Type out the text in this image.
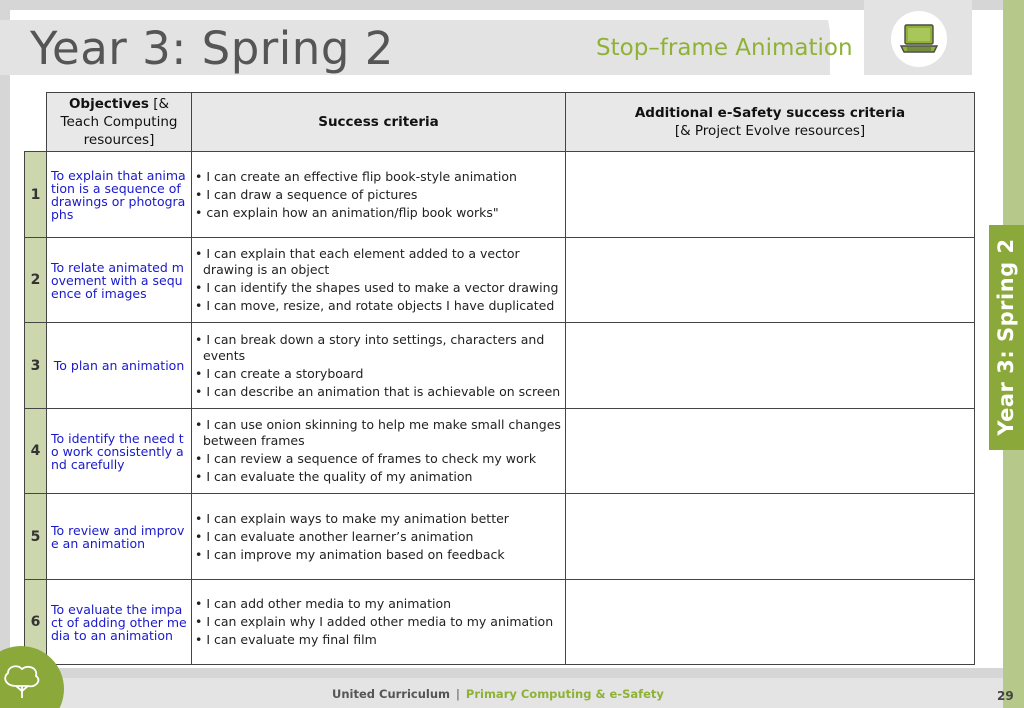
Year 3: Spring 2	Stop–frame Animation
Year 3: Spring 2
	Objectives [& Teach Computing resources]	Success criteria	Additional e-Safety success criteria
[& Project Evolve resources]
1	To explain that animation is a sequence of drawings or photographs	• I can create an effective flip book-style animation
• I can draw a sequence of pictures
• can explain how an animation/flip book works"	

2	To relate animated movement with a sequence of images	• I can explain that each element added to a vector drawing is an object
• I can identify the shapes used to make a vector drawing
• I can move, resize, and rotate objects I have duplicated	

3	To plan an animation	• I can break down a story into settings, characters and events
• I can create a storyboard
• I can describe an animation that is achievable on screen	

4	To identify the need to work consistently and carefully	• I can use onion skinning to help me make small changes between frames
• I can review a sequence of frames to check my work
• I can evaluate the quality of my animation	

5	To review and improve an animation	• I can explain ways to make my animation better
• I can evaluate another learner’s animation
• I can improve my animation based on feedback	

6	To evaluate the impact of adding other media to an animation	• I can add other media to my animation
• I can explain why I added other media to my animation
• I can evaluate my final film	

United Curriculum | Primary Computing & e-Safety	29
